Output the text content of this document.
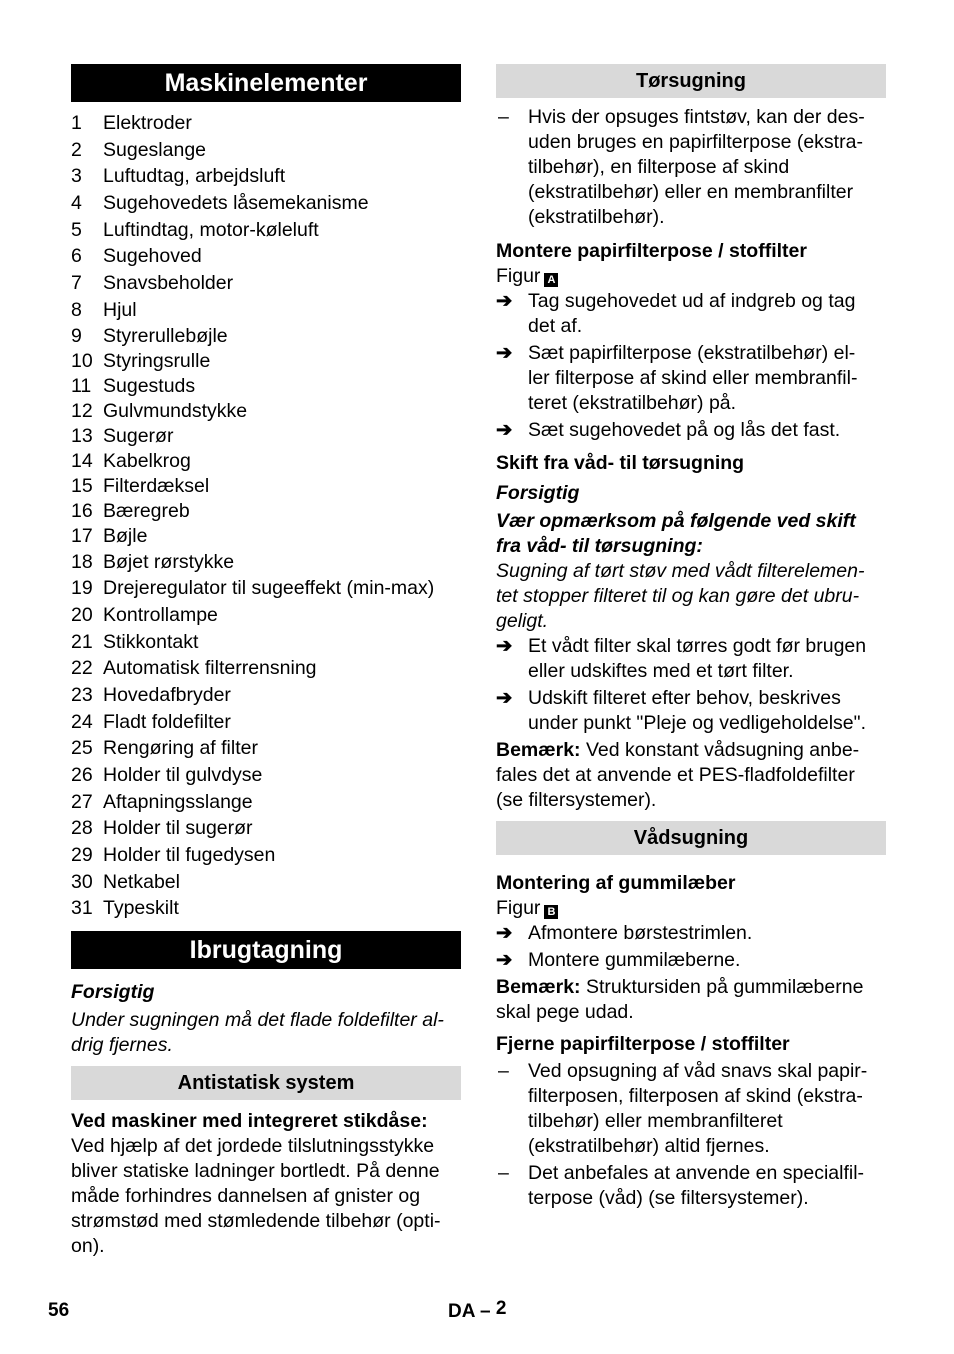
Maskinelementer
1	Elektroder
2	Sugeslange
3	Luftudtag, arbejdsluft
4	Sugehovedets låsemekanisme
5	Luftindtag, motor-køleluft
6	Sugehoved
7	Snavsbeholder
8	Hjul
9	Styrerullebøjle
10 Styringsrulle
11 Sugestuds
12 Gulvmundstykke
13 Sugerør
14 Kabelkrog
15 Filterdæksel
16 Bæregreb
17 Bøjle
18 Bøjet rørstykke
19 Drejeregulator til sugeeffekt (min-max)
20 Kontrollampe
21 Stikkontakt
22 Automatisk filterrensning
23 Hovedafbryder
24 Fladt foldefilter
25 Rengøring af filter
26 Holder til gulvdyse
27 Aftapningsslange
28 Holder til sugerør
29 Holder til fugedysen
30 Netkabel
31 Typeskilt
Ibrugtagning

Forsigtig

Under sugningen må det flade foldefilter al-
drig fjernes.
Antistatisk system

Ved maskiner med integreret stikdåse:

Ved hjælp af det jordede tilslutningsstykke
bliver statiske ladninger bortledt. På denne
måde forhindres dannelsen af gnister og
strømstød med stømledende tilbehør (opti-
on).
Tørsugning
– Hvis der opsuges fintstøv, kan der des-
uden bruges en papirfilterpose (ekstra-
tilbehør), en filterpose af skind
(ekstratilbehør) eller en membranfilter
(ekstratilbehør).

Montere papirfilterpose / stoffilter

Figur A

➔ Tag sugehovedet ud af indgreb og tag
det af.
➔ Sæt papirfilterpose (ekstratilbehør) el-
ler filterpose af skind eller membranfil-
teret (ekstratilbehør) på.
➔ Sæt sugehovedet på og lås det fast.

Skift fra våd- til tørsugning

Forsigtig

Vær opmærksom på følgende ved skift
fra våd- til tørsugning:
Sugning af tørt støv med vådt filterelemen-
tet stopper filteret til og kan gøre det ubru-
geligt.
➔ Et vådt filter skal tørres godt før brugen
eller udskiftes med et tørt filter.
➔ Udskift filteret efter behov, beskrives
under punkt "Pleje og vedligeholdelse".
Bemærk: Ved konstant vådsugning anbe-
fales det at anvende et PES-fladfoldefilter
(se filtersystemer).
Vådsugning

Montering af gummilæber

Figur B

➔ Afmontere børstestrimlen.
➔ Montere gummilæberne.
Bemærk: Struktursiden på gummilæberne
skal pege udad.

Fjerne papirfilterpose / stoffilter

– Ved opsugning af våd snavs skal papir-
filterposen, filterposen af skind (ekstra-
tilbehør) eller membranfilteret
(ekstratilbehør) altid fjernes.
– Det anbefales at anvende en specialfil-
terpose (våd) (se filtersystemer).
56	DA – 2
